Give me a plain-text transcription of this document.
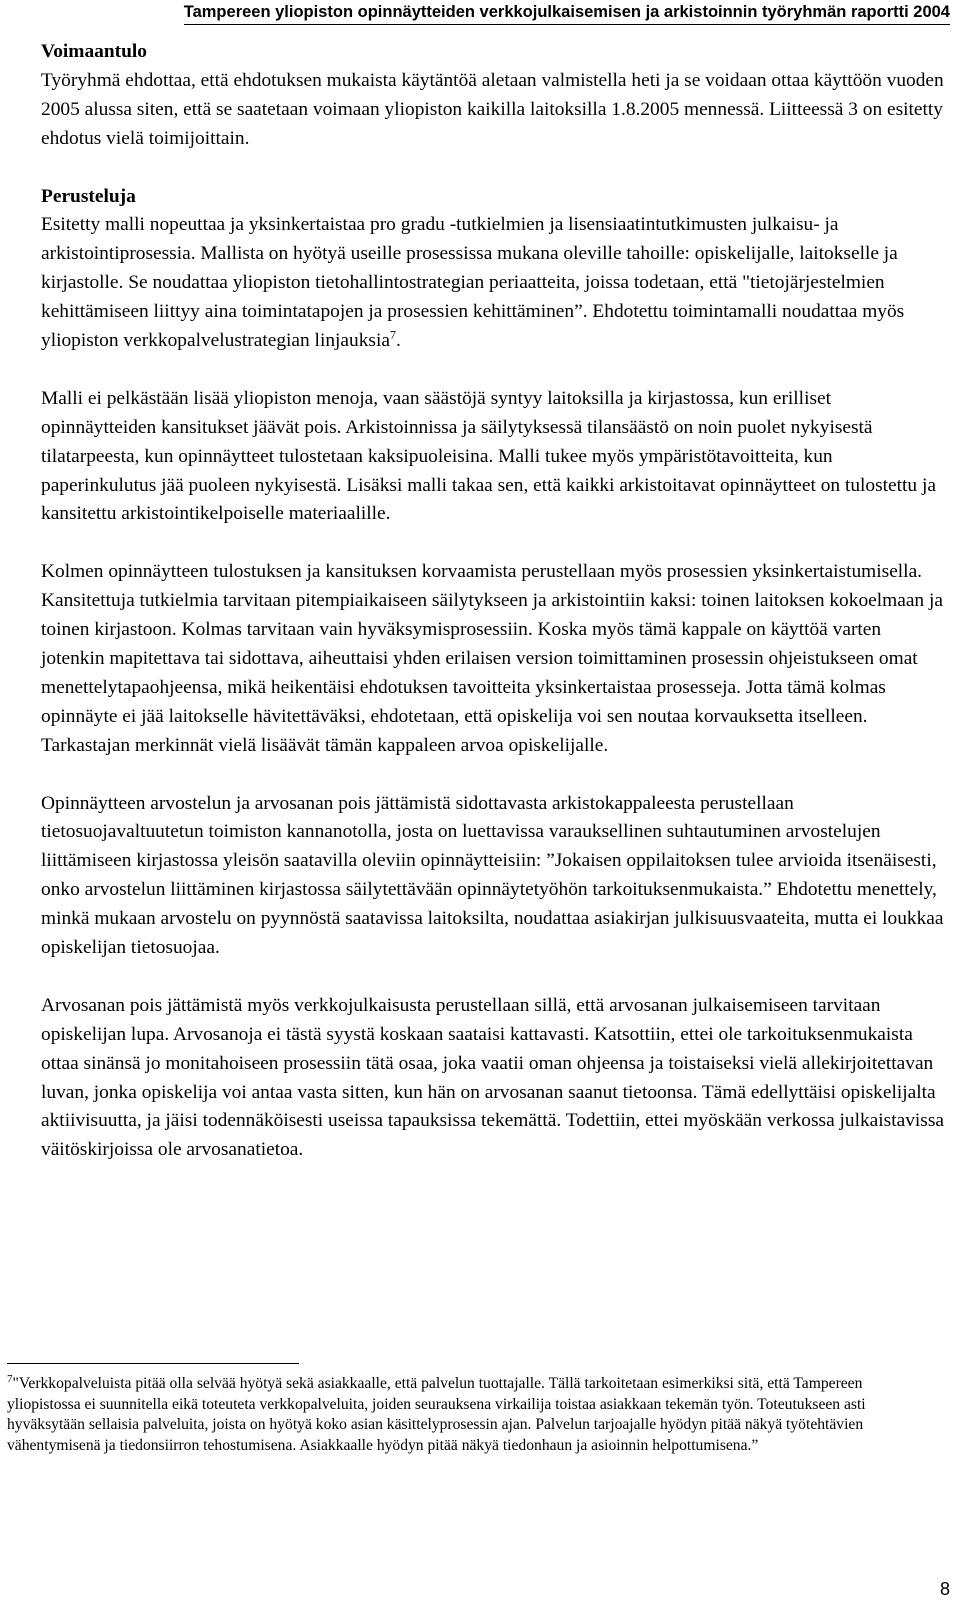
Tampereen yliopiston opinnäytteiden verkkojulkaisemisen ja arkistoinnin työryhmän raportti 2004
Voimaantulo

Työryhmä ehdottaa, että ehdotuksen mukaista käytäntöä aletaan valmistella heti ja se voidaan ottaa käyttöön vuoden 2005 alussa siten, että se saatetaan voimaan yliopiston kaikilla laitoksilla 1.8.2005 mennessä. Liitteessä 3 on esitetty ehdotus vielä toimijoittain.

Perusteluja

Esitetty malli nopeuttaa ja yksinkertaistaa pro gradu -tutkielmien ja lisensiaatintutkimusten julkaisu- ja arkistointiprosessia. Mallista on hyötyä useille prosessissa mukana oleville tahoille: opiskelijalle, laitokselle ja kirjastolle. Se noudattaa yliopiston tietohallintostrategian periaatteita, joissa todetaan, että "tietojärjestelmien kehittämiseen liittyy aina toimintatapojen ja prosessien kehittäminen”. Ehdotettu toimintamalli noudattaa myös yliopiston verkkopalvelustrategian linjauksia$^7$.

Malli ei pelkästään lisää yliopiston menoja, vaan säästöjä syntyy laitoksilla ja kirjastossa, kun erilliset opinnäytteiden kansitukset jäävät pois. Arkistoinnissa ja säilytyksessä tilansäästö on noin puolet nykyisestä tilatarpeesta, kun opinnäytteet tulostetaan kaksipuoleisina. Malli tukee myös ympäristötavoitteita, kun paperinkulutus jää puoleen nykyisestä. Lisäksi malli takaa sen, että kaikki arkistoitavat opinnäytteet on tulostettu ja kansitettu arkistointikelpoiselle materiaalille.

Kolmen opinnäytteen tulostuksen ja kansituksen korvaamista perustellaan myös prosessien yksinkertaistumisella. Kansitettuja tutkielmia tarvitaan pitempiaikaiseen säilytykseen ja arkistointiin kaksi: toinen laitoksen kokoelmaan ja toinen kirjastoon. Kolmas tarvitaan vain hyväksymisprosessiin. Koska myös tämä kappale on käyttöä varten jotenkin mapitettava tai sidottava, aiheuttaisi yhden erilaisen version toimittaminen prosessin ohjeistukseen omat menettelytapaohjeensa, mikä heikentäisi ehdotuksen tavoitteita yksinkertaistaa prosesseja. Jotta tämä kolmas opinnäyte ei jää laitokselle hävitettäväksi, ehdotetaan, että opiskelija voi sen noutaa korvauksetta itselleen. Tarkastajan merkinnät vielä lisäävät tämän kappaleen arvoa opiskelijalle.

Opinnäytteen arvostelun ja arvosanan pois jättämistä sidottavasta arkistokappaleesta perustellaan tietosuojavaltuutetun toimiston kannanotolla, josta on luettavissa varauksellinen suhtautuminen arvostelujen liittämiseen kirjastossa yleisön saatavilla oleviin opinnäytteisiin: ”Jokaisen oppilaitoksen tulee arvioida itsenäisesti, onko arvostelun liittäminen kirjastossa säilytettävään opinnäytetyöhön tarkoituksenmukaista.” Ehdotettu menettely, minkä mukaan arvostelu on pyynnöstä saatavissa laitoksilta, noudattaa asiakirjan julkisuusvaateita, mutta ei loukkaa opiskelijan tietosuojaa.

Arvosanan pois jättämistä myös verkkojulkaisusta perustellaan sillä, että arvosanan julkaisemiseen tarvitaan opiskelijan lupa. Arvosanoja ei tästä syystä koskaan saataisi kattavasti. Katsottiin, ettei ole tarkoituksenmukaista ottaa sinänsä jo monitahoiseen prosessiin tätä osaa, joka vaatii oman ohjeensa ja toistaiseksi vielä allekirjoitettavan luvan, jonka opiskelija voi antaa vasta sitten, kun hän on arvosanan saanut tietoonsa. Tämä edellyttäisi opiskelijalta aktiivisuutta, ja jäisi todennäköisesti useissa tapauksissa tekemättä. Todettiin, ettei myöskään verkossa julkaistavissa väitöskirjoissa ole arvosanatietoa.

$^7$"Verkkopalveluista pitää olla selvää hyötyä sekä asiakkaalle, että palvelun tuottajalle. Tällä tarkoitetaan esimerkiksi sitä, että Tampereen yliopistossa ei suunnitella eikä toteuteta verkkopalveluita, joiden seurauksena virkailija toistaa asiakkaan tekemän työn. Toteutukseen asti hyväksytään sellaisia palveluita, joista on hyötyä koko asian käsittelyprosessin ajan. Palvelun tarjoajalle hyödyn pitää näkyä työtehtävien vähentymisenä ja tiedonsiirron tehostumisena. Asiakkaalle hyödyn pitää näkyä tiedonhaun ja asioinnin helpottumisena.”
8
